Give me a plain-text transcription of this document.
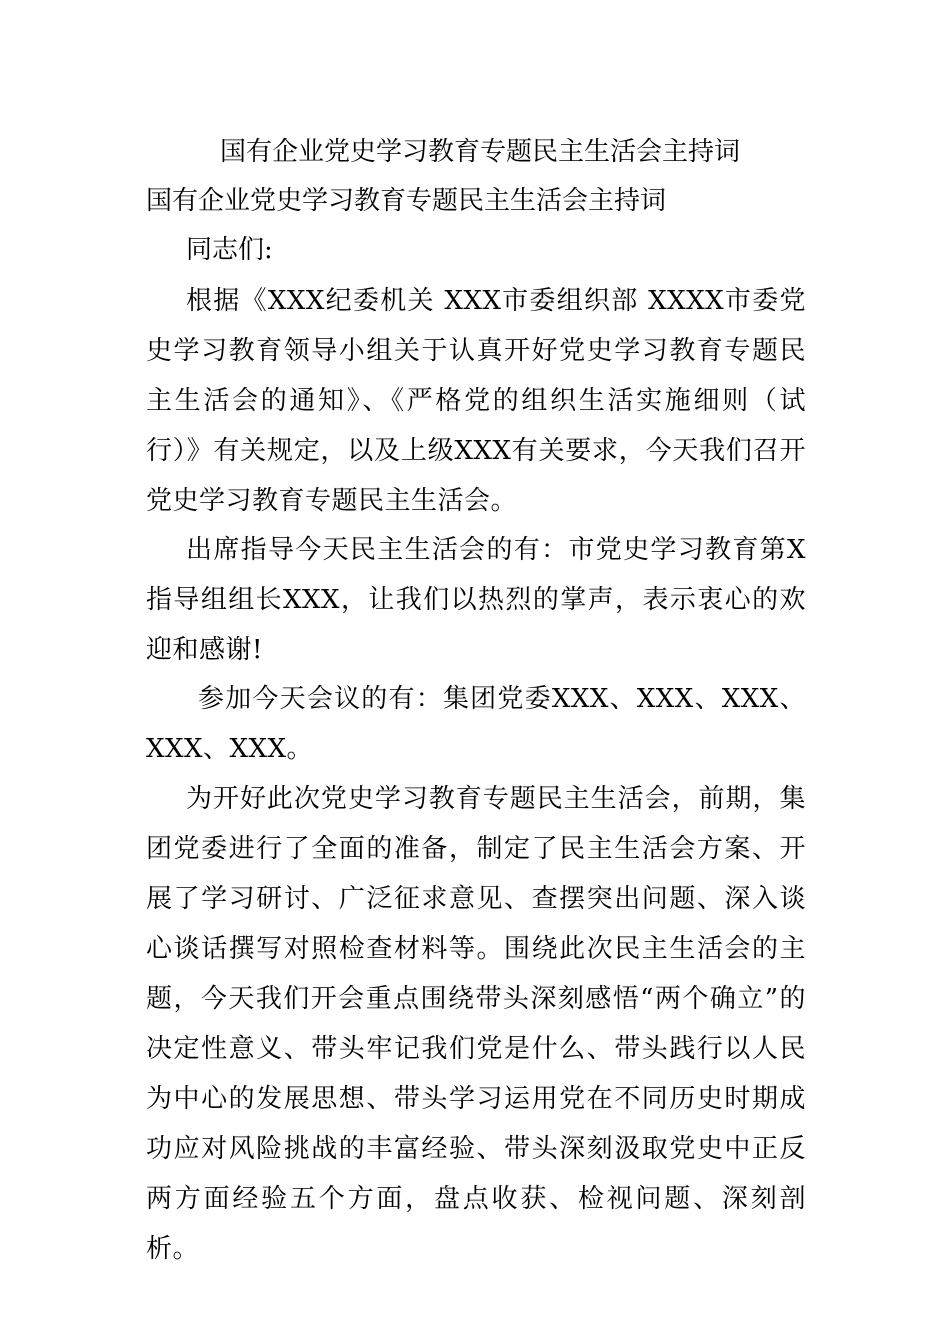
国有企业党史学习教育专题民主生活会主持词
国有企业党史学习教育专题民主生活会主持词
同志们:

根据《XXX纪委机关 XXX市委组织部 XXXX市委党史学习教育领导小组关于认真开好党史学习教育专题民主生活会的通知》、《严格党的组织生活实施细则（试行）》有关规定，以及上级XXX有关要求，今天我们召开党史学习教育专题民主生活会。

出席指导今天民主生活会的有：市党史学习教育第X指导组组长XXX，让我们以热烈的掌声，表示衷心的欢迎和感谢!

参加今天会议的有：集团党委XXX、XXX、XXX、XXX、XXX。

为开好此次党史学习教育专题民主生活会，前期，集团党委进行了全面的准备，制定了民主生活会方案、开展了学习研讨、广泛征求意见、查摆突出问题、深入谈心谈话撰写对照检查材料等。围绕此次民主生活会的主题，今天我们开会重点围绕带头深刻感悟“两个确立”的决定性意义、带头牢记我们党是什么、带头践行以人民为中心的发展思想、带头学习运用党在不同历史时期成功应对风险挑战的丰富经验、带头深刻汲取党史中正反两方面经验五个方面，盘点收获、检视问题、深刻剖析。
